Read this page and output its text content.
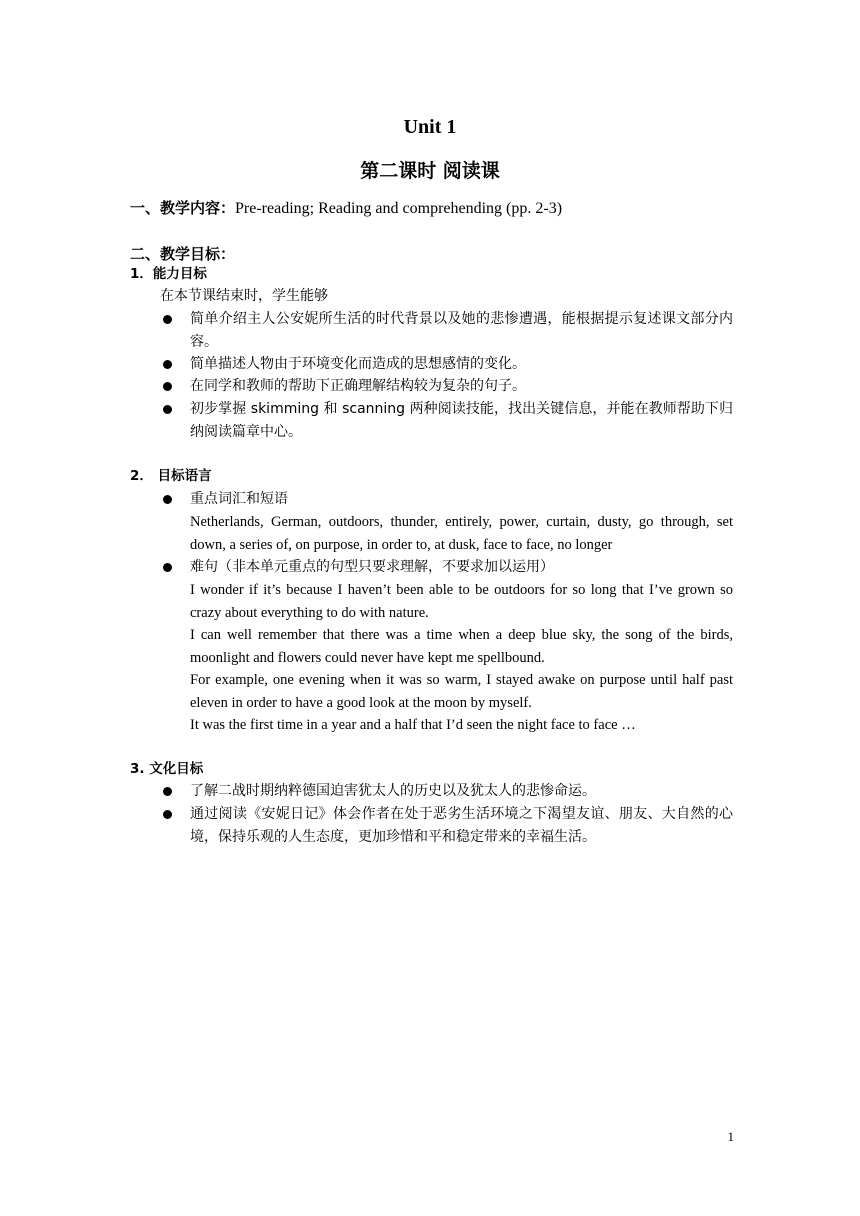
Unit 1
第二课时 阅读课
一、教学内容：Pre-reading; Reading and comprehending (pp. 2-3)
二、教学目标：
1．能力目标
在本节课结束时，学生能够
简单介绍主人公安妮所生活的时代背景以及她的悲惨遭遇，能根据提示复述课文部分内容。
简单描述人物由于环境变化而造成的思想感情的变化。
在同学和教师的帮助下正确理解结构较为复杂的句子。
初步掌握 skimming 和 scanning 两种阅读技能，找出关键信息，并能在教师帮助下归纳阅读篇章中心。
2． 目标语言
重点词汇和短语
Netherlands, German, outdoors, thunder, entirely, power, curtain, dusty, go through, set down, a series of, on purpose, in order to, at dusk, face to face, no longer
难句（非本单元重点的句型只要求理解，不要求加以运用）
I wonder if it’s because I haven’t been able to be outdoors for so long that I’ve grown so crazy about everything to do with nature.
I can well remember that there was a time when a deep blue sky, the song of the birds, moonlight and flowers could never have kept me spellbound.
For example, one evening when it was so warm, I stayed awake on purpose until half past eleven in order to have a good look at the moon by myself.
It was the first time in a year and a half that I’d seen the night face to face …
3. 文化目标
了解二战时期纳粹德国迫害犹太人的历史以及犹太人的悲惨命运。
通过阅读《安妮日记》体会作者在处于恶劣生活环境之下渴望友谊、朋友、大自然的心境，保持乐观的人生态度，更加珍惜和平和稳定带来的幸福生活。
1
